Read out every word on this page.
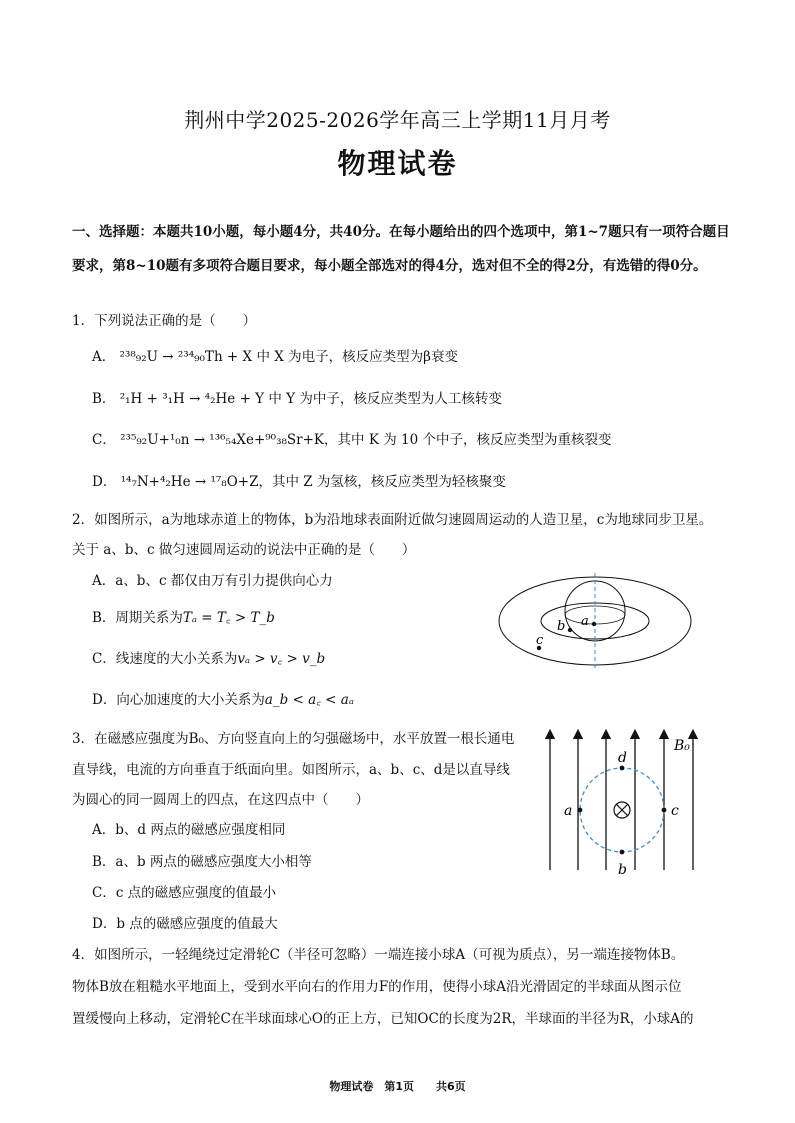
荆州中学2025-2026学年高三上学期11月月考
物理试卷
一、选择题：本题共10小题，每小题4分，共40分。在每小题给出的四个选项中，第1~7题只有一项符合题目要求，第8~10题有多项符合题目要求，每小题全部选对的得4分，选对但不全的得2分，有选错的得0分。
1．下列说法正确的是（　　）
A． ²³⁸₉₂U → ²³⁴₉₀Th + X 中 X 为电子，核反应类型为β衰变
B． ²₁H + ³₁H → ⁴₂He + Y 中 Y 为中子，核反应类型为人工核转变
C． ²³⁵₉₂U+¹₀n → ¹³⁶₅₄Xe+⁹⁰₃₈Sr+K，其中 K 为 10 个中子，核反应类型为重核裂变
D． ¹⁴₇N+⁴₂He → ¹⁷₈O+Z，其中 Z 为氢核，核反应类型为轻核聚变
2．如图所示，a为地球赤道上的物体，b为沿地球表面附近做匀速圆周运动的人造卫星，c为地球同步卫星。
关于 a、b、c 做匀速圆周运动的说法中正确的是（　　）
A．a、b、c 都仅由万有引力提供向心力
B．周期关系为Tₐ = T꜀ > T_b
C．线速度的大小关系为vₐ > v꜀ > v_b
D．向心加速度的大小关系为a_b < a꜀ < aₐ
a
b
c
3．在磁感应强度为B₀、方向竖直向上的匀强磁场中，水平放置一根长通电
直导线，电流的方向垂直于纸面向里。如图所示，a、b、c、d是以直导线
为圆心的同一圆周上的四点，在这四点中（　　）
A．b、d 两点的磁感应强度相同
B．a、b 两点的磁感应强度大小相等
C．c 点的磁感应强度的值最小
D．b 点的磁感应强度的值最大
d
b
a	c
B₀
4．如图所示，一轻绳绕过定滑轮C（半径可忽略）一端连接小球A（可视为质点），另一端连接物体B。
物体B放在粗糙水平地面上，受到水平向右的作用力F的作用，使得小球A沿光滑固定的半球面从图示位
置缓慢向上移动，定滑轮C在半球面球心O的正上方，已知OC的长度为2R，半球面的半径为R，小球A的
物理试卷　第1页　　共6页
